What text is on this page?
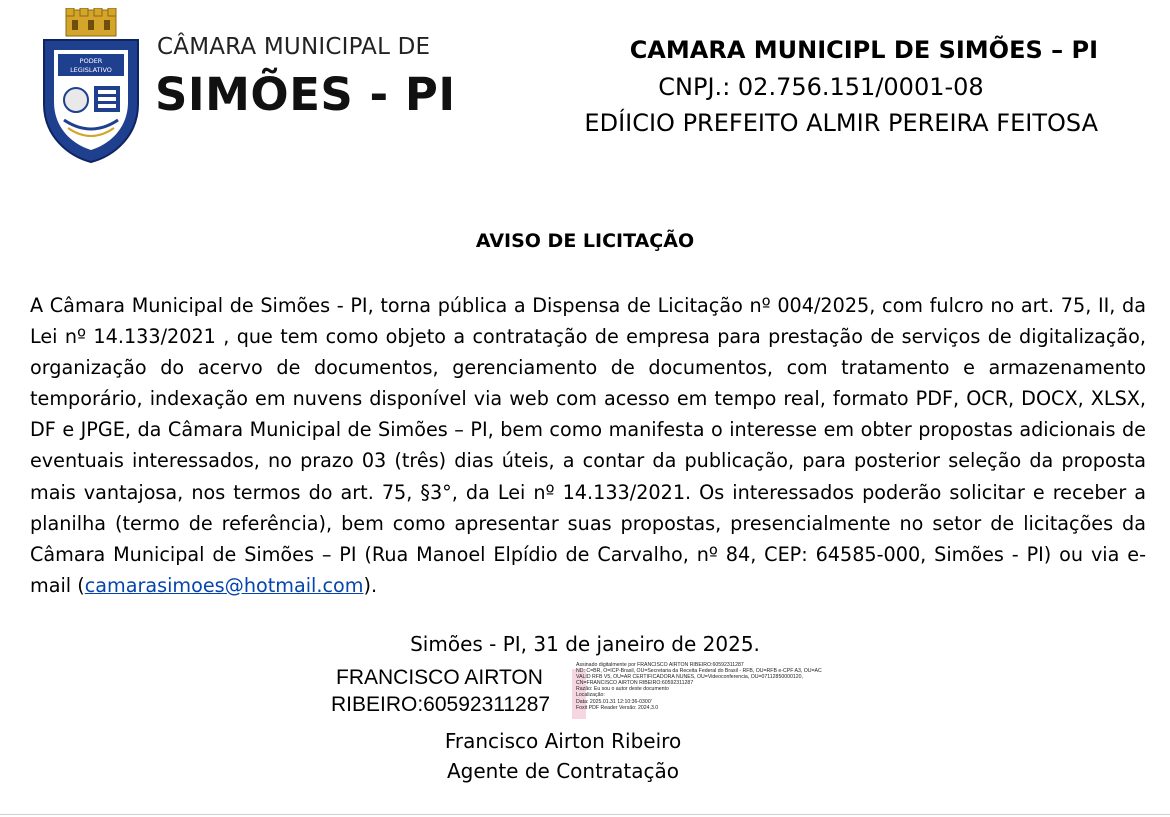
PODER
LEGISLATIVO
CÂMARA MUNICIPAL DE
SIMÕES - PI
CAMARA MUNICIPL DE SIMÕES – PI
CNPJ.: 02.756.151/0001-08
EDÍICIO PREFEITO ALMIR PEREIRA FEITOSA
AVISO DE LICITAÇÃO
A Câmara Municipal de Simões - PI, torna pública a Dispensa de Licitação nº 004/2025, com fulcro no art. 75, II, da Lei nº 14.133/2021 , que tem como objeto a contratação de empresa para prestação de serviços de digitalização, organização do acervo de documentos, gerenciamento de documentos, com tratamento e armazenamento temporário, indexação em nuvens disponível via web com acesso em tempo real, formato PDF, OCR, DOCX, XLSX, DF e JPGE, da Câmara Municipal de Simões – PI, bem como manifesta o interesse em obter propostas adicionais de eventuais interessados, no prazo 03 (três) dias úteis, a contar da publicação, para posterior seleção da proposta mais vantajosa, nos termos do art. 75, §3°, da Lei nº 14.133/2021. Os interessados poderão solicitar e receber a planilha (termo de referência), bem como apresentar suas propostas, presencialmente no setor de licitações da Câmara Municipal de Simões – PI (Rua Manoel Elpídio de Carvalho, nº 84, CEP: 64585-000, Simões - PI) ou via e-mail (camarasimoes@hotmail.com).
Simões - PI, 31 de janeiro de 2025.
FRANCISCO AIRTON
RIBEIRO:60592311287
Assinado digitalmente por FRANCISCO AIRTON RIBEIRO:60592311287
ND: C=BR, O=ICP-Brasil, OU=Secretaria da Receita Federal do Brasil - RFB, OU=RFB e-CPF A3, OU=AC VALID RFB V5, OU=AR CERTIFICADORA NUNES, OU=Videoconferencia, OU=07112850000120, CN=FRANCISCO AIRTON RIBEIRO:60592311287
Razão: Eu sou o autor deste documento
Localização:
Data: 2025.01.31 12:10:36-0300'
Foxit PDF Reader Versão: 2024.3.0
Francisco Airton Ribeiro
Agente de Contratação
